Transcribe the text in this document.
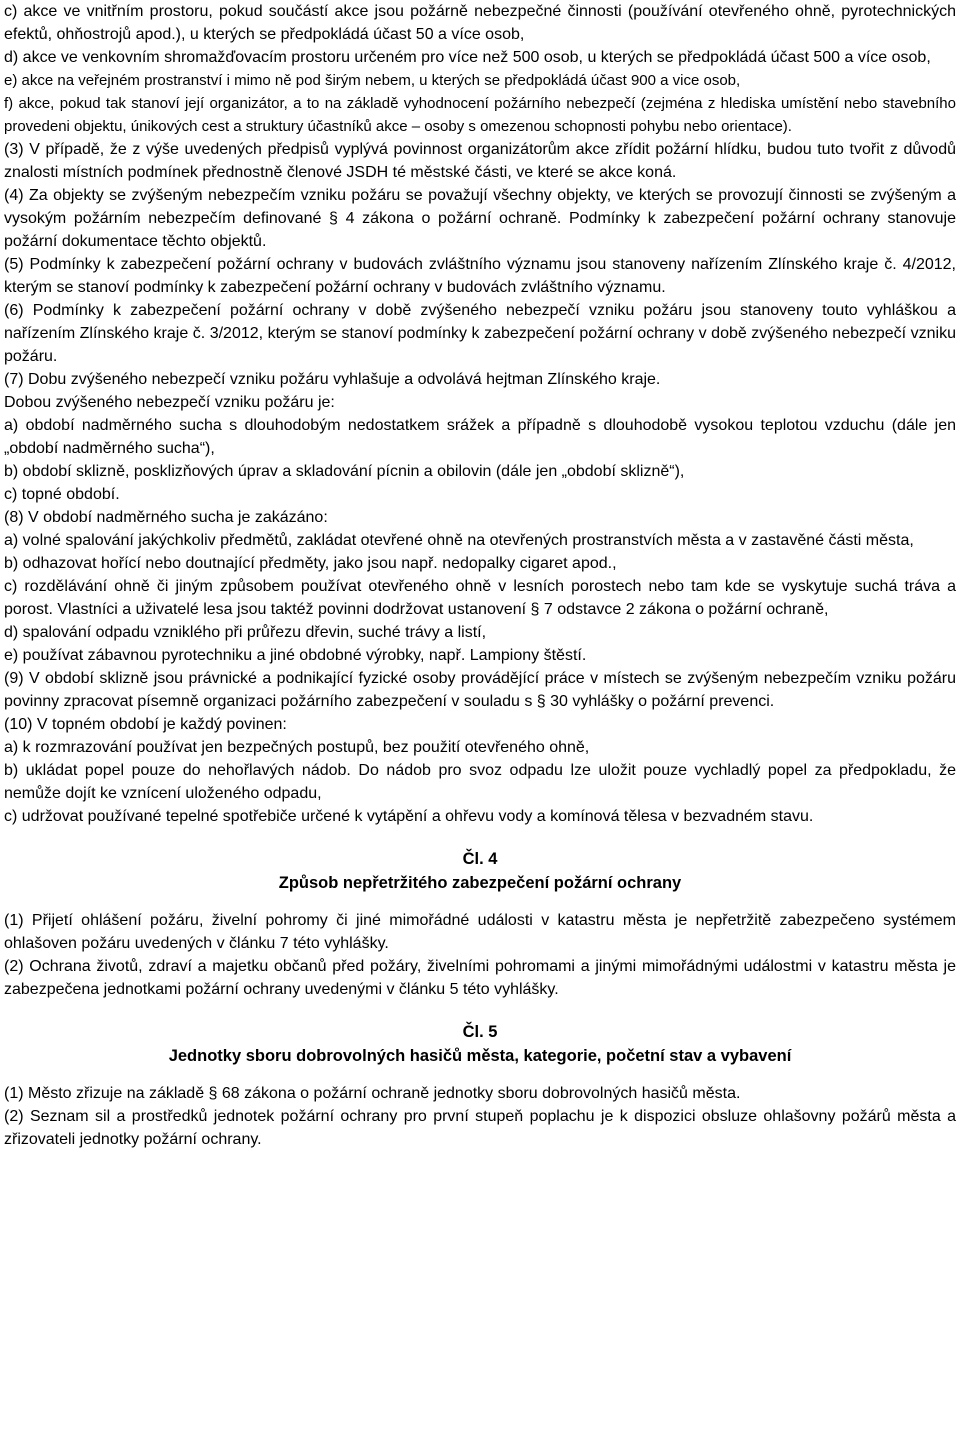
c) akce ve vnitřním prostoru, pokud součástí akce jsou požárně nebezpečné činnosti (používání otevřeného ohně, pyrotechnických efektů, ohňostrojů apod.), u kterých se předpokládá účast 50 a více osob,

d) akce ve venkovním shromažďovacím prostoru určeném pro více než 500 osob, u kterých se předpokládá účast 500 a více osob,

e) akce na veřejném prostranství i mimo ně pod širým nebem, u kterých se předpokládá účast 900 a vice osob,

f) akce, pokud tak stanoví její organizátor, a to na základě vyhodnocení požárního nebezpečí (zejména z hlediska umístění nebo stavebního provedeni objektu, únikových cest a struktury účastníků akce – osoby s omezenou schopnosti pohybu nebo orientace).

(3) V případě, že z výše uvedených předpisů vyplývá povinnost organizátorům akce zřídit požární hlídku, budou tuto tvořit z důvodů znalosti místních podmínek přednostně členové JSDH té městské části, ve které se akce koná.

(4) Za objekty se zvýšeným nebezpečím vzniku požáru se považují všechny objekty, ve kterých se provozují činnosti se zvýšeným a vysokým požárním nebezpečím definované § 4 zákona o požární ochraně. Podmínky k zabezpečení požární ochrany stanovuje požární dokumentace těchto objektů.

(5) Podmínky k zabezpečení požární ochrany v budovách zvláštního významu jsou stanoveny nařízením Zlínského kraje č. 4/2012, kterým se stanoví podmínky k zabezpečení požární ochrany v budovách zvláštního významu.

(6) Podmínky k zabezpečení požární ochrany v době zvýšeného nebezpečí vzniku požáru jsou stanoveny touto vyhláškou a nařízením Zlínského kraje č. 3/2012, kterým se stanoví podmínky k zabezpečení požární ochrany v době zvýšeného nebezpečí vzniku požáru.

(7) Dobu zvýšeného nebezpečí vzniku požáru vyhlašuje a odvolává hejtman Zlínského kraje.

Dobou zvýšeného nebezpečí vzniku požáru je:

a) období nadměrného sucha s dlouhodobým nedostatkem srážek a případně s dlouhodobě vysokou teplotou vzduchu (dále jen „období nadměrného sucha“),

b) období sklizně, posklizňových úprav a skladování pícnin a obilovin (dále jen „období sklizně“),

c) topné období.

(8) V období nadměrného sucha je zakázáno:

a) volné spalování jakýchkoliv předmětů, zakládat otevřené ohně na otevřených prostranstvích města a v zastavěné části města,

b) odhazovat hořící nebo doutnající předměty, jako jsou např. nedopalky cigaret apod.,

c) rozdělávání ohně či jiným způsobem používat otevřeného ohně v lesních porostech nebo tam kde se vyskytuje suchá tráva a porost. Vlastníci a uživatelé lesa jsou taktéž povinni dodržovat ustanovení § 7 odstavce 2 zákona o požární ochraně,

d) spalování odpadu vzniklého při průřezu dřevin, suché trávy a listí,

e) používat zábavnou pyrotechniku a jiné obdobné výrobky, např. Lampiony štěstí.

(9) V období sklizně jsou právnické a podnikající fyzické osoby provádějící práce v místech se zvýšeným nebezpečím vzniku požáru povinny zpracovat písemně organizaci požárního zabezpečení v souladu s § 30 vyhlášky o požární prevenci.

(10) V topném období je každý povinen:

a) k rozmrazování používat jen bezpečných postupů, bez použití otevřeného ohně,

b) ukládat popel pouze do nehořlavých nádob. Do nádob pro svoz odpadu lze uložit pouze vychladlý popel za předpokladu, že nemůže dojít ke vznícení uloženého odpadu,

c) udržovat používané tepelné spotřebiče určené k vytápění a ohřevu vody a komínová tělesa v bezvadném stavu.

Čl. 4

Způsob nepřetržitého zabezpečení požární ochrany

(1) Přijetí ohlášení požáru, živelní pohromy či jiné mimořádné události v katastru města je nepřetržitě zabezpečeno systémem ohlašoven požáru uvedených v článku 7 této vyhlášky.

(2) Ochrana životů, zdraví a majetku občanů před požáry, živelními pohromami a jinými mimořádnými událostmi v katastru města je zabezpečena jednotkami požární ochrany uvedenými v článku 5 této vyhlášky.

Čl. 5

Jednotky sboru dobrovolných hasičů města, kategorie, početní stav a vybavení

(1) Město zřizuje na základě § 68 zákona o požární ochraně jednotky sboru dobrovolných hasičů města.

(2) Seznam sil a prostředků jednotek požární ochrany pro první stupeň poplachu je k dispozici obsluze ohlašovny požárů města a zřizovateli jednotky požární ochrany.
